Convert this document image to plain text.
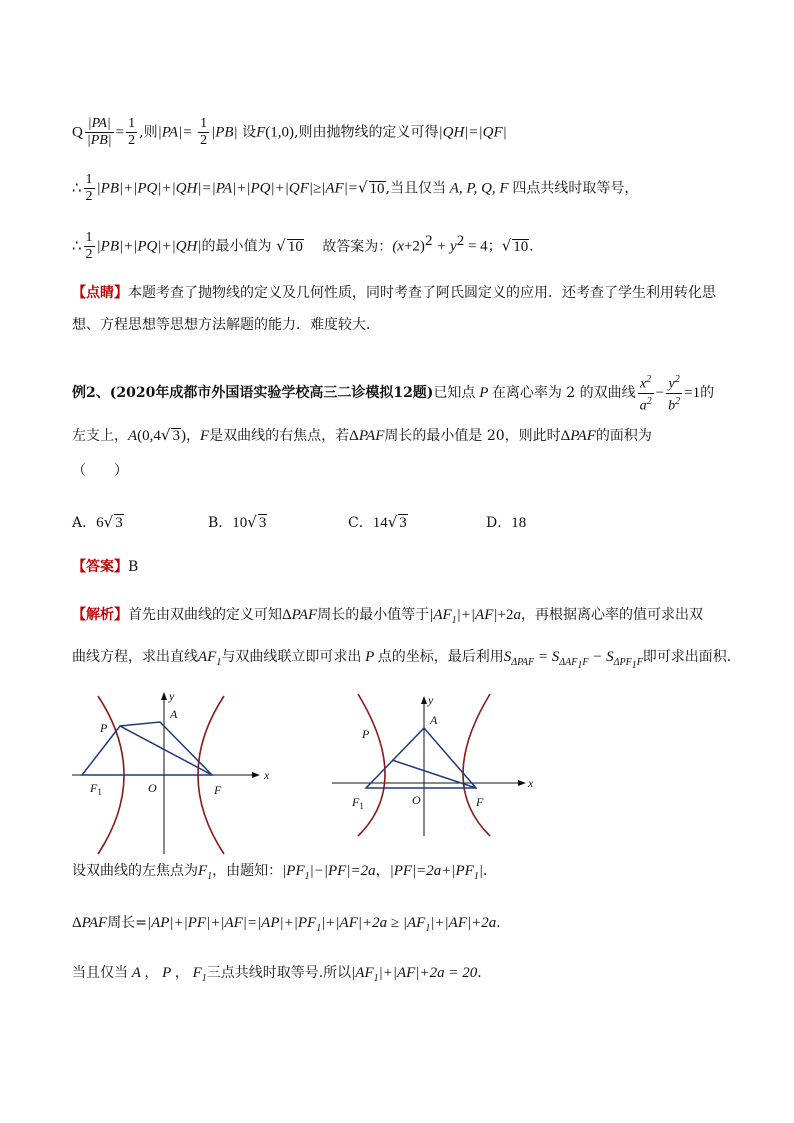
Q $\frac{|PA|}{|PB|} = \frac{1}{2}$ ,则$|PA|= \frac{1}{2} |PB|$ 设F(1,0),则由抛物线的定义可得|QH|=|QF|
∴ $\frac{1}{2} |PB|+|PQ|+|QH|=|PA|+|PQ|+|QF|\ge|AF|=√$ 10,当且仅当 A, P, Q, F 四点共线时取等号，
∴ $\frac{1}{2} |PB|+|PQ|+|QH|$的最小值为 √ 10 故答案为：$(x+2)^2 + y^2 = 4$；√ 10．
【点睛】本题考查了抛物线的定义及几何性质，同时考查了阿氏圆定义的应用．还考查了学生利用转化思
想、方程思想等思想方法解题的能力．难度较大．
例2、(2020年成都市外国语实验学校高三二诊模拟12题)已知点 P 在离心率为 2 的双曲线 $\frac{x^2}{a^2} - \frac{y^2}{b^2} =1$的
左支上，A(0,4√ 3)，F是双曲线的右焦点，若ΔPAF周长的最小值是 20，则此时ΔPAF的面积为
（　　）
A．6√ 3	B．10√ 3	C．14√ 3	D．18
【答案】B
【解析】首先由双曲线的定义可知ΔPAF周长的最小值等于$|AF_1|+|AF|+2a$，再根据离心率的值可求出双
曲线方程，求出直线$AF_1$与双曲线联立即可求出 P 点的坐标，最后利用$S_{\Delta PAF} = S_{\Delta AF_1F} - S_{\Delta PF_1F}$即可求出面积．
x
y
P
A
O	F
$F_1$
x
y
P
A
O	F
$F_1$
设双曲线的左焦点为$F_1$，由题知：$|PF_1|-|PF|=2a$，$|PF|=2a+|PF_1|$．
ΔPAF周长$=|AP|+|PF|+|AF|=|AP|+|PF_1|+|AF|+2a \ge |AF_1|+|AF|+2a$．
当且仅当 A ， P ， $F_1$三点共线时取等号.所以$|AF_1|+|AF|+2a = 20$．
